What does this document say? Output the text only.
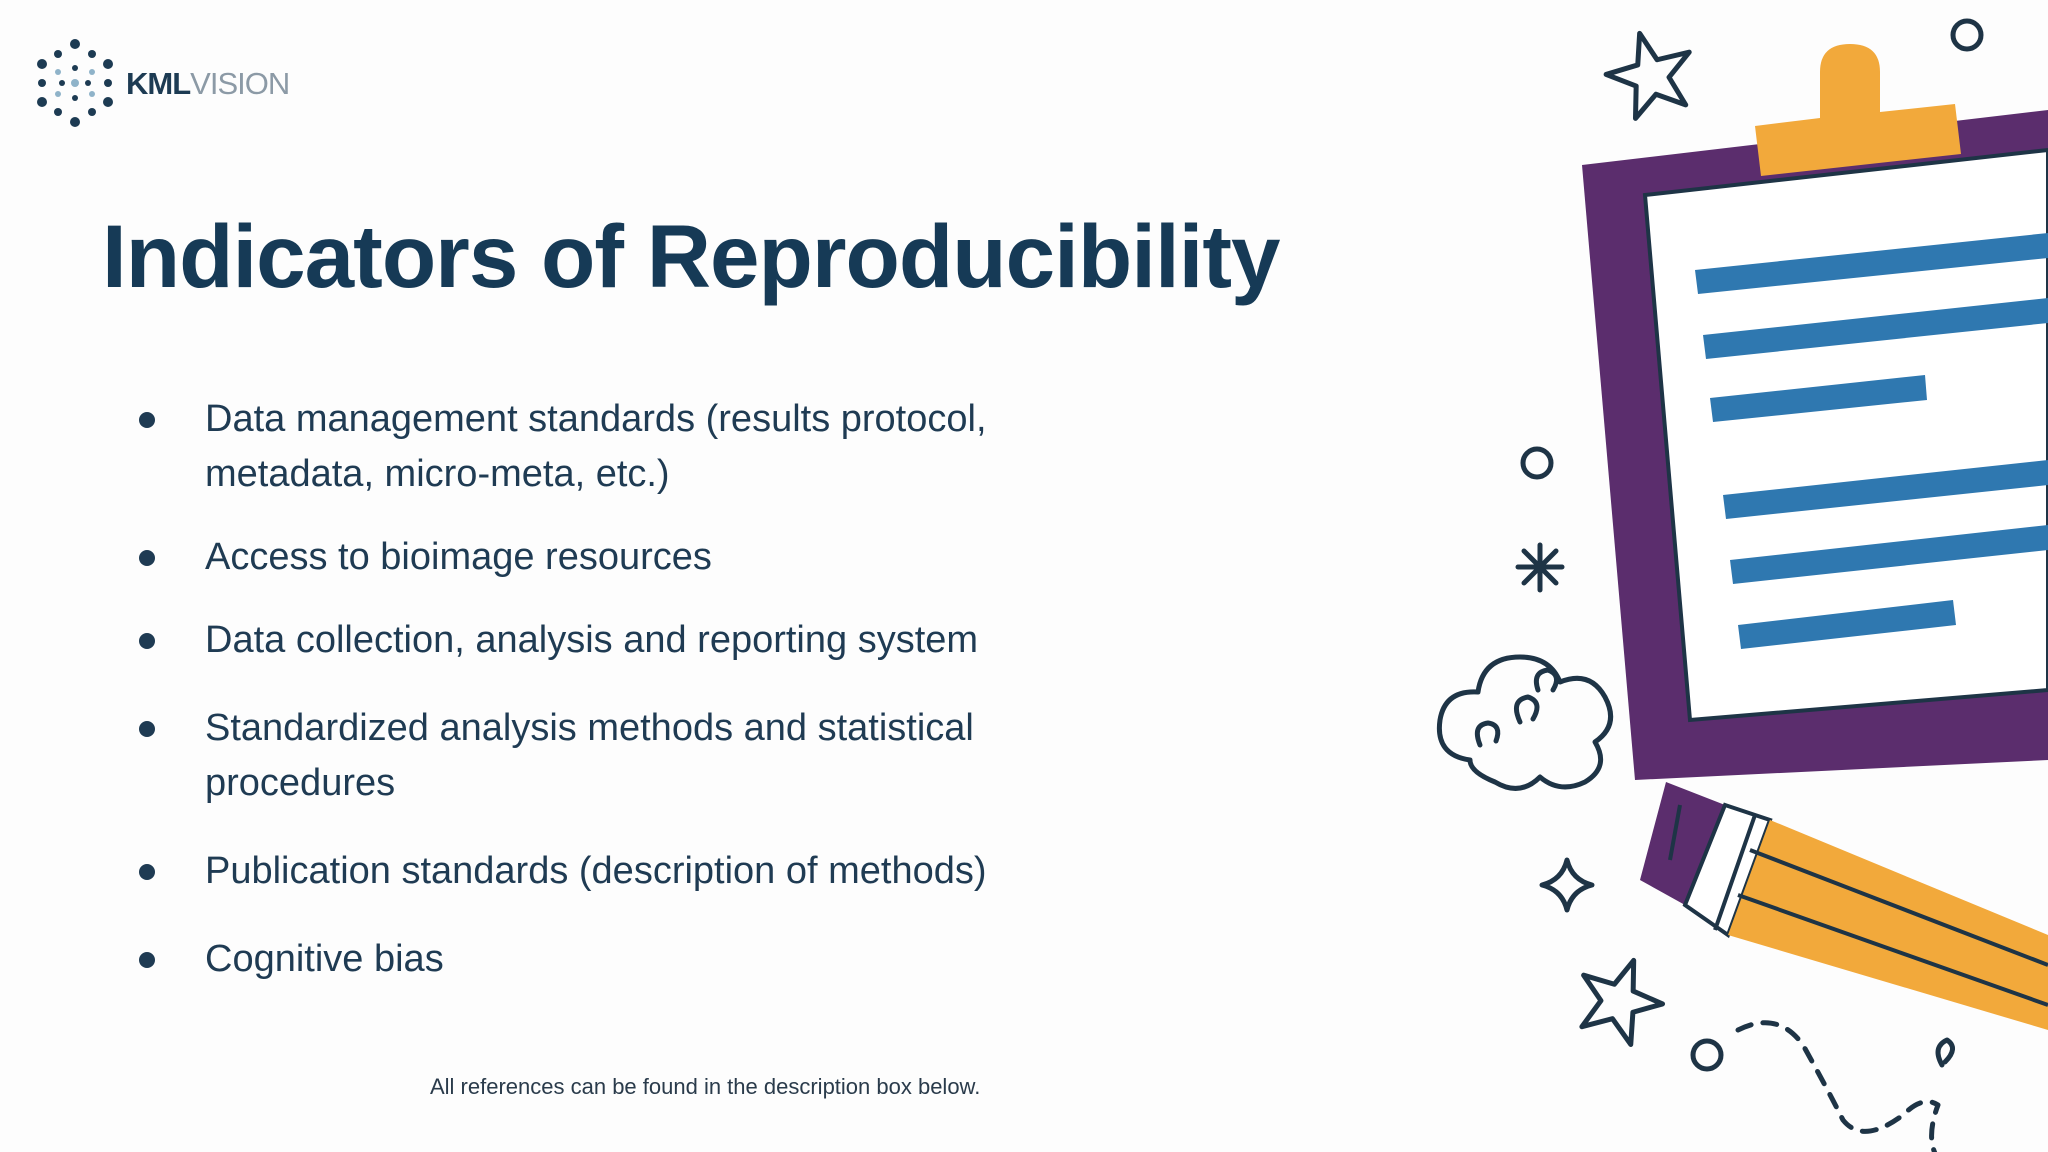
KMLVISION
Indicators of Reproducibility
Data management standards (results protocol, metadata, micro-meta, etc.)
Access to bioimage resources
Data collection, analysis and reporting system
Standardized analysis methods and statistical procedures
Publication standards (description of methods)
Cognitive bias
All references can be found in the description box below.
